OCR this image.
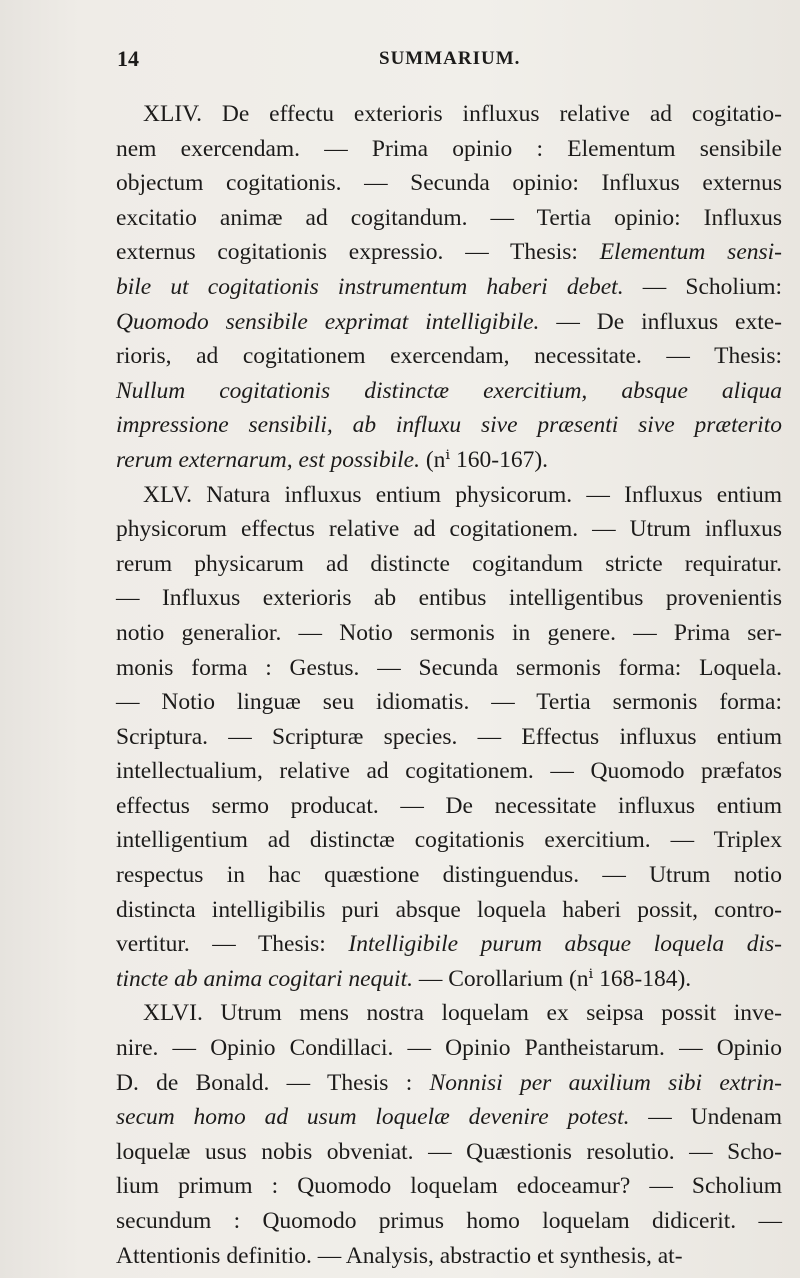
14	SUMMARIUM.
XLIV. De effectu exterioris influxus relative ad cogitatio-
nem exercendam. — Prima opinio : Elementum sensibile
objectum cogitationis. — Secunda opinio: Influxus externus
excitatio animæ ad cogitandum. — Tertia opinio: Influxus
externus cogitationis expressio. — Thesis: Elementum sensi-
bile ut cogitationis instrumentum haberi debet. — Scholium:
Quomodo sensibile exprimat intelligibile. — De influxus exte-
rioris, ad cogitationem exercendam, necessitate. — Thesis:
Nullum cogitationis distinctæ exercitium, absque aliqua
impressione sensibili, ab influxu sive præsenti sive præterito
rerum externarum, est possibile. (nⁱ 160-167).
XLV. Natura influxus entium physicorum. — Influxus entium
physicorum effectus relative ad cogitationem. — Utrum influxus
rerum physicarum ad distincte cogitandum stricte requiratur.
— Influxus exterioris ab entibus intelligentibus provenientis
notio generalior. — Notio sermonis in genere. — Prima ser-
monis forma : Gestus. — Secunda sermonis forma: Loquela.
— Notio linguæ seu idiomatis. — Tertia sermonis forma:
Scriptura. — Scripturæ species. — Effectus influxus entium
intellectualium, relative ad cogitationem. — Quomodo præfatos
effectus sermo producat. — De necessitate influxus entium
intelligentium ad distinctæ cogitationis exercitium. — Triplex
respectus in hac quæstione distinguendus. — Utrum notio
distincta intelligibilis puri absque loquela haberi possit, contro-
vertitur. — Thesis: Intelligibile purum absque loquela dis-
tincte ab anima cogitari nequit. — Corollarium (nⁱ 168-184).
XLVI. Utrum mens nostra loquelam ex seipsa possit inve-
nire. — Opinio Condillaci. — Opinio Pantheistarum. — Opinio
D. de Bonald. — Thesis : Nonnisi per auxilium sibi extrin-
secum homo ad usum loquelæ devenire potest. — Undenam
loquelæ usus nobis obveniat. — Quæstionis resolutio. — Scho-
lium primum : Quomodo loquelam edoceamur? — Scholium
secundum : Quomodo primus homo loquelam didicerit. —
Attentionis definitio. — Analysis, abstractio et synthesis, at-
